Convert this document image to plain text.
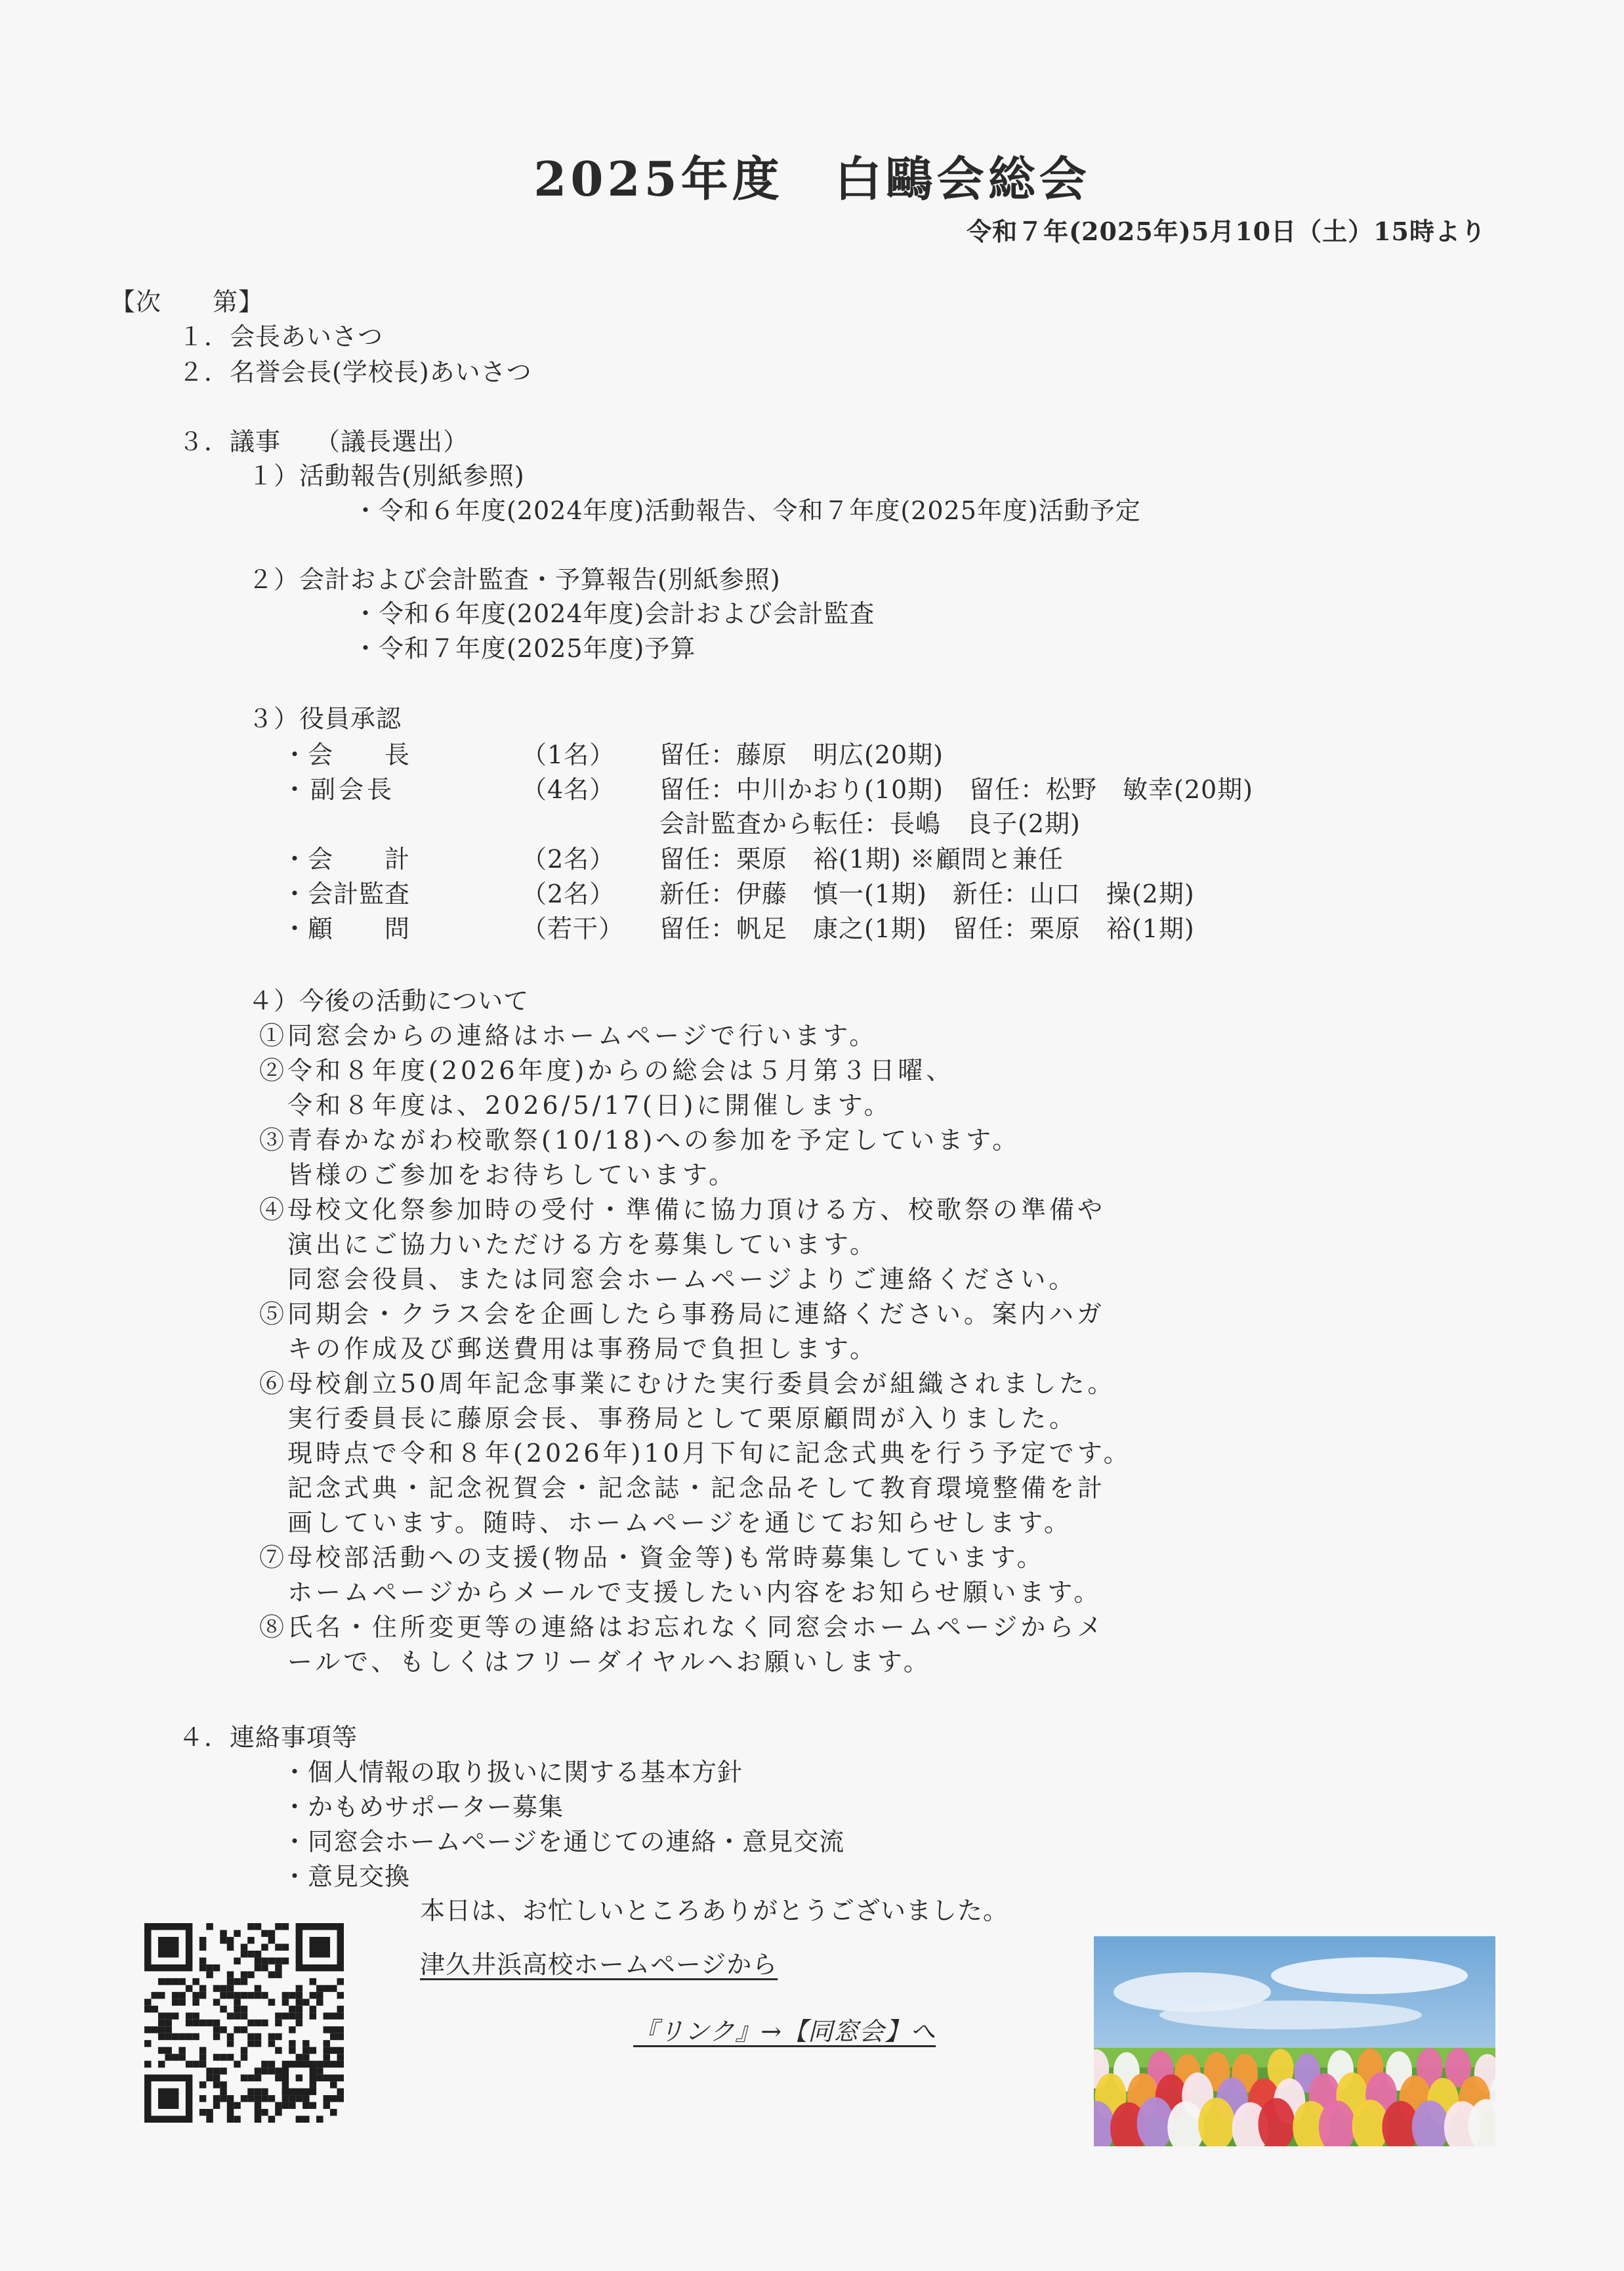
2025年度　白鷗会総会
令和７年(2025年)5月10日（土）15時より
【次　　第】
１．会長あいさつ
２．名誉会長(学校長)あいさつ
３．議事　 （議長選出）
１）活動報告(別紙参照)
・令和６年度(2024年度)活動報告、令和７年度(2025年度)活動予定
２）会計および会計監査・予算報告(別紙参照)
・令和６年度(2024年度)会計および会計監査
・令和７年度(2025年度)予算
３）役員承認
・会　　長	（1名） 留任：藤原　明広(20期)
・副会長	（4名） 留任：中川かおり(10期)　留任：松野　敏幸(20期)
会計監査から転任：長嶋　良子(2期)
・会　　計	（2名） 留任：栗原　裕(1期) ※顧問と兼任
・会計監査	（2名） 新任：伊藤　慎一(1期)　新任：山口　操(2期)
・顧　　問	（若干） 留任：帆足　康之(1期)　留任：栗原　裕(1期)
４）今後の活動について
①同窓会からの連絡はホームページで行います。
②令和８年度(2026年度)からの総会は５月第３日曜、
　令和８年度は、2026/5/17(日)に開催します。
③青春かながわ校歌祭(10/18)への参加を予定しています。
　皆様のご参加をお待ちしています。
④母校文化祭参加時の受付・準備に協力頂ける方、校歌祭の準備や
　演出にご協力いただける方を募集しています。
　同窓会役員、または同窓会ホームページよりご連絡ください。
⑤同期会・クラス会を企画したら事務局に連絡ください。案内ハガ
　キの作成及び郵送費用は事務局で負担します。
⑥母校創立50周年記念事業にむけた実行委員会が組織されました。
　実行委員長に藤原会長、事務局として栗原顧問が入りました。
　現時点で令和８年(2026年)10月下旬に記念式典を行う予定です。
　記念式典・記念祝賀会・記念誌・記念品そして教育環境整備を計
　画しています。随時、ホームページを通じてお知らせします。
⑦母校部活動への支援(物品・資金等)も常時募集しています。
　ホームページからメールで支援したい内容をお知らせ願います。
⑧氏名・住所変更等の連絡はお忘れなく同窓会ホームページからメ
　ールで、もしくはフリーダイヤルへお願いします。
４．連絡事項等
・個人情報の取り扱いに関する基本方針
・かもめサポーター募集
・同窓会ホームページを通じての連絡・意見交流
・意見交換
本日は、お忙しいところありがとうございました。
津久井浜高校ホームページから
『リンク』→【同窓会】へ
